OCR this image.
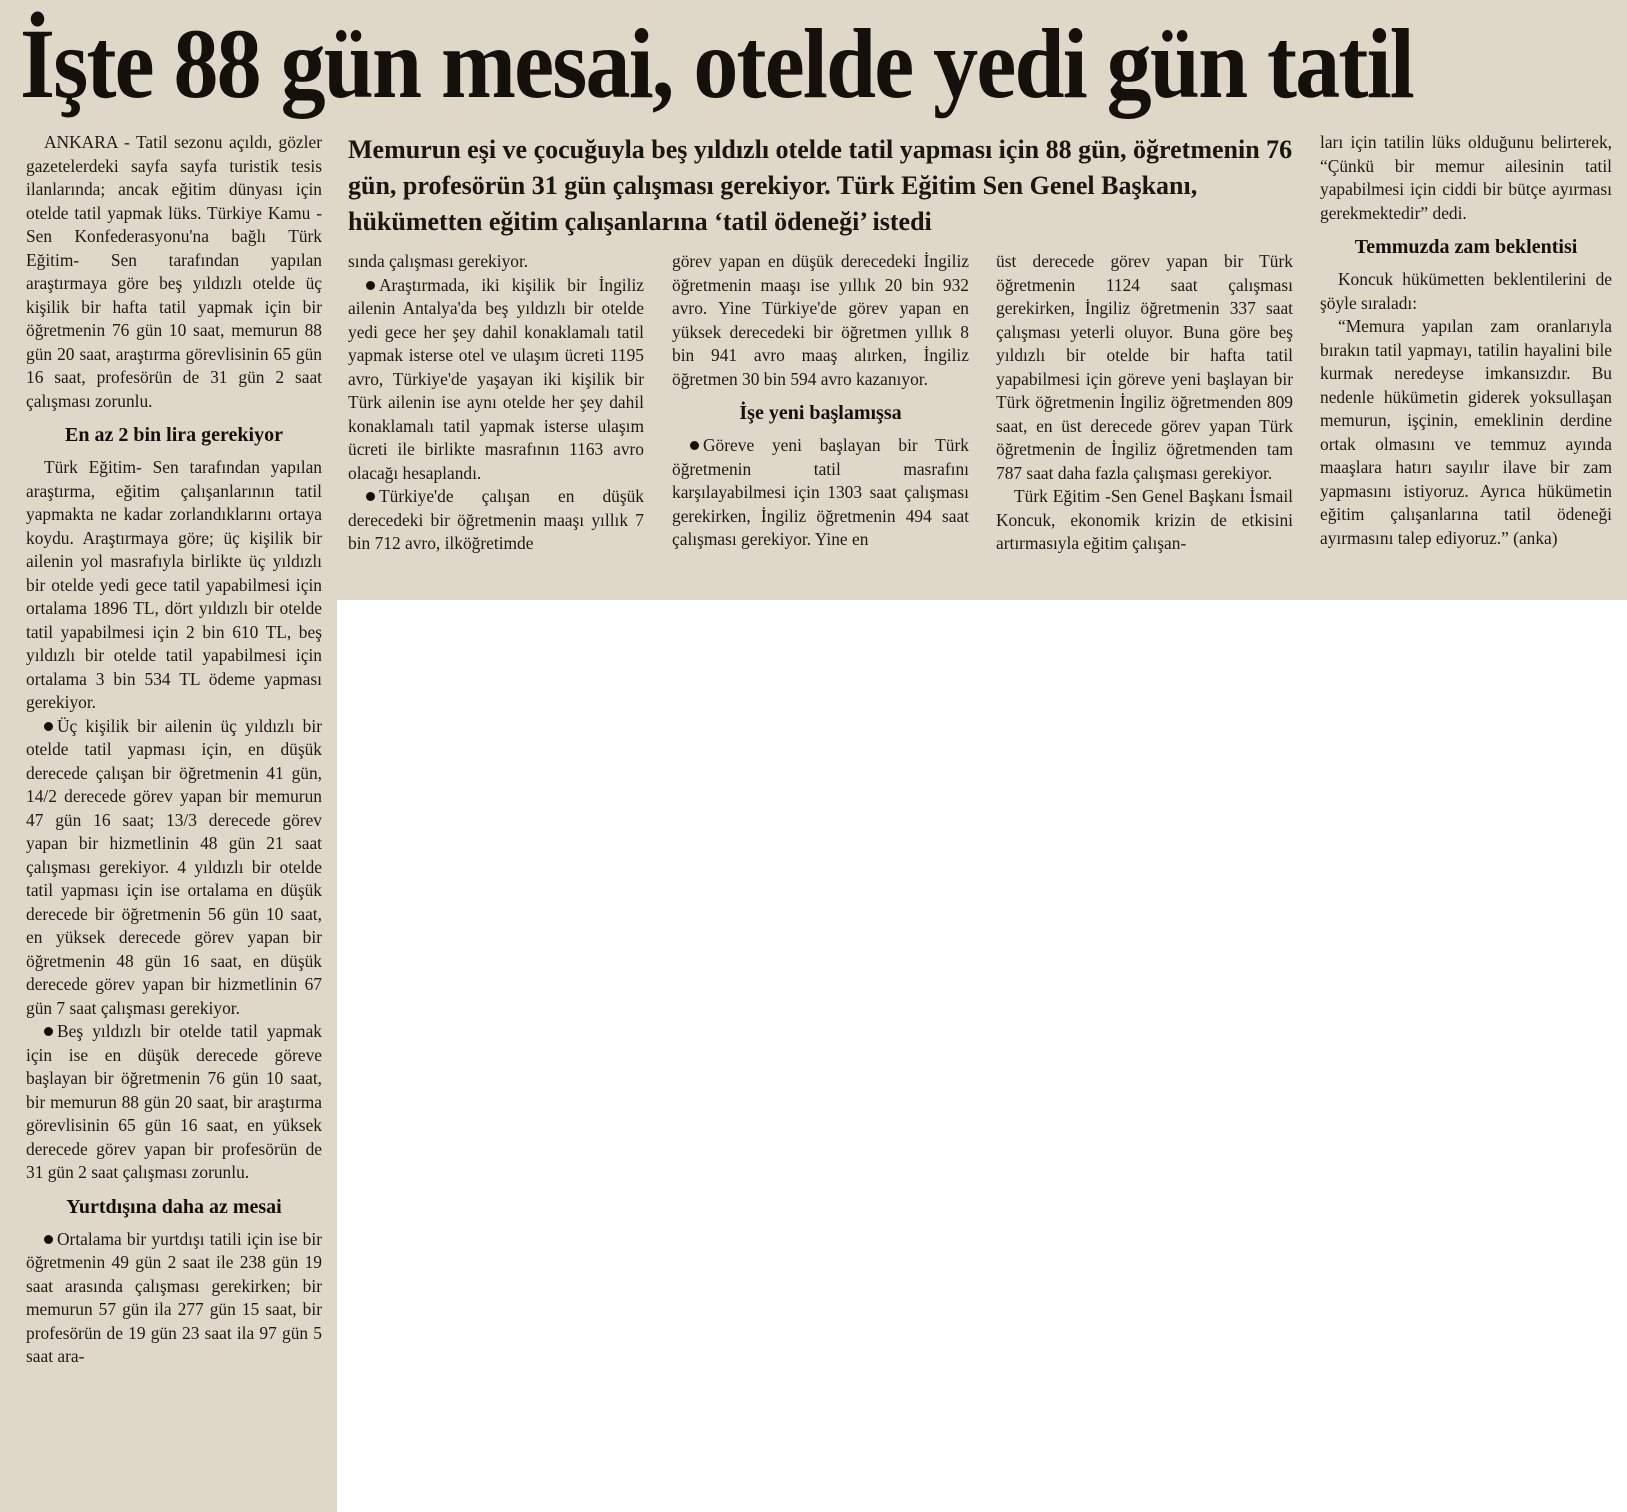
İşte 88 gün mesai, otelde yedi gün tatil
Memurun eşi ve çocuğuyla beş yıldızlı otelde tatil yapması için 88 gün, öğretmenin 76 gün, profesörün 31 gün çalışması gerekiyor. Türk Eğitim Sen Genel Başkanı, hükümetten eğitim çalışanlarına ‘tatil ödeneği’ istedi

ANKARA - Tatil sezonu açıldı, gözler gazetelerdeki sayfa sayfa turistik tesis ilanlarında; ancak eğitim dünyası için otelde tatil yapmak lüks. Türkiye Kamu -Sen Konfederasyonu'na bağlı Türk Eğitim- Sen tarafından yapılan araştırmaya göre beş yıldızlı otelde üç kişilik bir hafta tatil yapmak için bir öğretmenin 76 gün 10 saat, memurun 88 gün 20 saat, araştırma görevlisinin 65 gün 16 saat, profesörün de 31 gün 2 saat çalışması zorunlu.

En az 2 bin lira gerekiyor

Türk Eğitim- Sen tarafından yapılan araştırma, eğitim çalışanlarının tatil yapmakta ne kadar zorlandıklarını ortaya koydu. Araştırmaya göre; üç kişilik bir ailenin yol masrafıyla birlikte üç yıldızlı bir otelde yedi gece tatil yapabilmesi için ortalama 1896 TL, dört yıldızlı bir otelde tatil yapabilmesi için 2 bin 610 TL, beş yıldızlı bir otelde tatil yapabilmesi için ortalama 3 bin 534 TL ödeme yapması gerekiyor.

Üç kişilik bir ailenin üç yıldızlı bir otelde tatil yapması için, en düşük derecede çalışan bir öğretmenin 41 gün, 14/2 derecede görev yapan bir memurun 47 gün 16 saat; 13/3 derecede görev yapan bir hizmetlinin 48 gün 21 saat çalışması gerekiyor. 4 yıldızlı bir otelde tatil yapması için ise ortalama en düşük derecede bir öğretmenin 56 gün 10 saat, en yüksek derecede görev yapan bir öğretmenin 48 gün 16 saat, en düşük derecede görev yapan bir hizmetlinin 67 gün 7 saat çalışması gerekiyor.

Beş yıldızlı bir otelde tatil yapmak için ise en düşük derecede göreve başlayan bir öğretmenin 76 gün 10 saat, bir memurun 88 gün 20 saat, bir araştırma görevlisinin 65 gün 16 saat, en yüksek derecede görev yapan bir profesörün de 31 gün 2 saat çalışması zorunlu.

Yurtdışına daha az mesai

Ortalama bir yurtdışı tatili için ise bir öğretmenin 49 gün 2 saat ile 238 gün 19 saat arasında çalışması gerekirken; bir memurun 57 gün ila 277 gün 15 saat, bir profesörün de 19 gün 23 saat ila 97 gün 5 saat ara-

sında çalışması gerekiyor.

Araştırmada, iki kişilik bir İngiliz ailenin Antalya'da beş yıldızlı bir otelde yedi gece her şey dahil konaklamalı tatil yapmak isterse otel ve ulaşım ücreti 1195 avro, Türkiye'de yaşayan iki kişilik bir Türk ailenin ise aynı otelde her şey dahil konaklamalı tatil yapmak isterse ulaşım ücreti ile birlikte masrafının 1163 avro olacağı hesaplandı.

Türkiye'de çalışan en düşük derecedeki bir öğretmenin maaşı yıllık 7 bin 712 avro, ilköğretimde

görev yapan en düşük derecedeki İngiliz öğretmenin maaşı ise yıllık 20 bin 932 avro. Yine Türkiye'de görev yapan en yüksek derecedeki bir öğretmen yıllık 8 bin 941 avro maaş alırken, İngiliz öğretmen 30 bin 594 avro kazanıyor.

İşe yeni başlamışsa

Göreve yeni başlayan bir Türk öğretmenin tatil masrafını karşılayabilmesi için 1303 saat çalışması gerekirken, İngiliz öğretmenin 494 saat çalışması gerekiyor. Yine en

üst derecede görev yapan bir Türk öğretmenin 1124 saat çalışması gerekirken, İngiliz öğretmenin 337 saat çalışması yeterli oluyor. Buna göre beş yıldızlı bir otelde bir hafta tatil yapabilmesi için göreve yeni başlayan bir Türk öğretmenin İngiliz öğretmenden 809 saat, en üst derecede görev yapan Türk öğretmenin de İngiliz öğretmenden tam 787 saat daha fazla çalışması gerekiyor.

Türk Eğitim -Sen Genel Başkanı İsmail Koncuk, ekonomik krizin de etkisini artırmasıyla eğitim çalışan-

ları için tatilin lüks olduğunu belirterek, “Çünkü bir memur ailesinin tatil yapabilmesi için ciddi bir bütçe ayırması gerekmektedir” dedi.

Temmuzda zam beklentisi

Koncuk hükümetten beklentilerini de şöyle sıraladı:

“Memura yapılan zam oranlarıyla bırakın tatil yapmayı, tatilin hayalini bile kurmak neredeyse imkansızdır. Bu nedenle hükümetin giderek yoksullaşan memurun, işçinin, emeklinin derdine ortak olmasını ve temmuz ayında maaşlara hatırı sayılır ilave bir zam yapmasını istiyoruz. Ayrıca hükümetin eğitim çalışanlarına tatil ödeneği ayırmasını talep ediyoruz.” (anka)
